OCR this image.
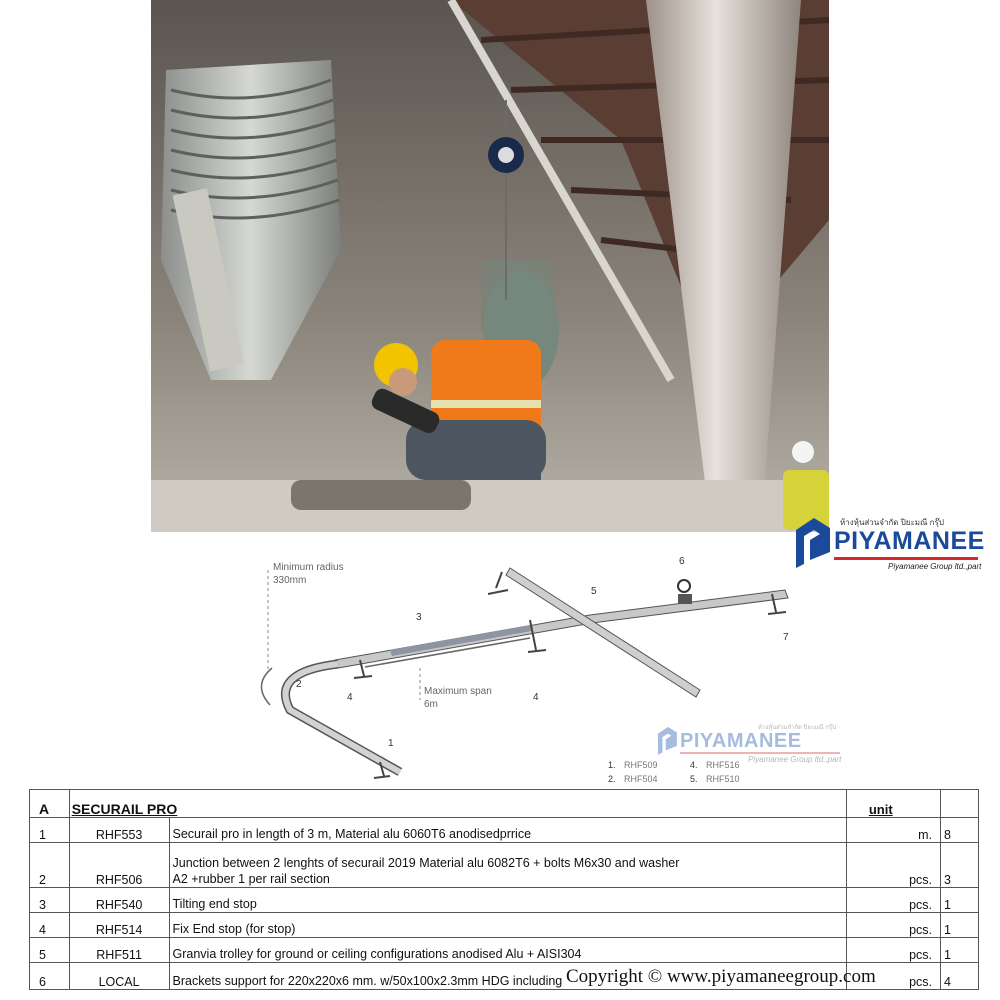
ห้างหุ้นส่วนจำกัด ปิยะมณี กรุ๊ป
PIYAMANEE
Piyamanee Group ltd.,part
Minimum radius
330mm
Maximum span
6m
1
2
3
4	4
5
6
7
1. RHF509
2. RHF504
4. RHF516
5. RHF510
ห้างหุ้นส่วนจำกัด ปิยะมณี กรุ๊ป
PIYAMANEE
Piyamanee Group ltd.,part
A	SECURAIL PRO		unit	
1	RHF553	Securail pro in length of 3 m, Material alu 6060T6 anodisedprrice	m.	8
2	RHF506	Junction between 2 lenghts of securail 2019 Material alu 6082T6 + bolts M6x30 and washer A2 +rubber 1 per rail section	pcs.	3
3	RHF540	Tilting end stop	pcs.	1
4	RHF514	Fix End stop (for stop)	pcs.	1
5	RHF511	Granvia trolley for ground or ceiling configurations anodised Alu + AISI304	pcs.	1
6	LOCAL	Brackets support for 220x220x6 mm. w/50x100x2.3mm HDG including	pcs.	4
Copyright © www.piyamaneegroup.com
